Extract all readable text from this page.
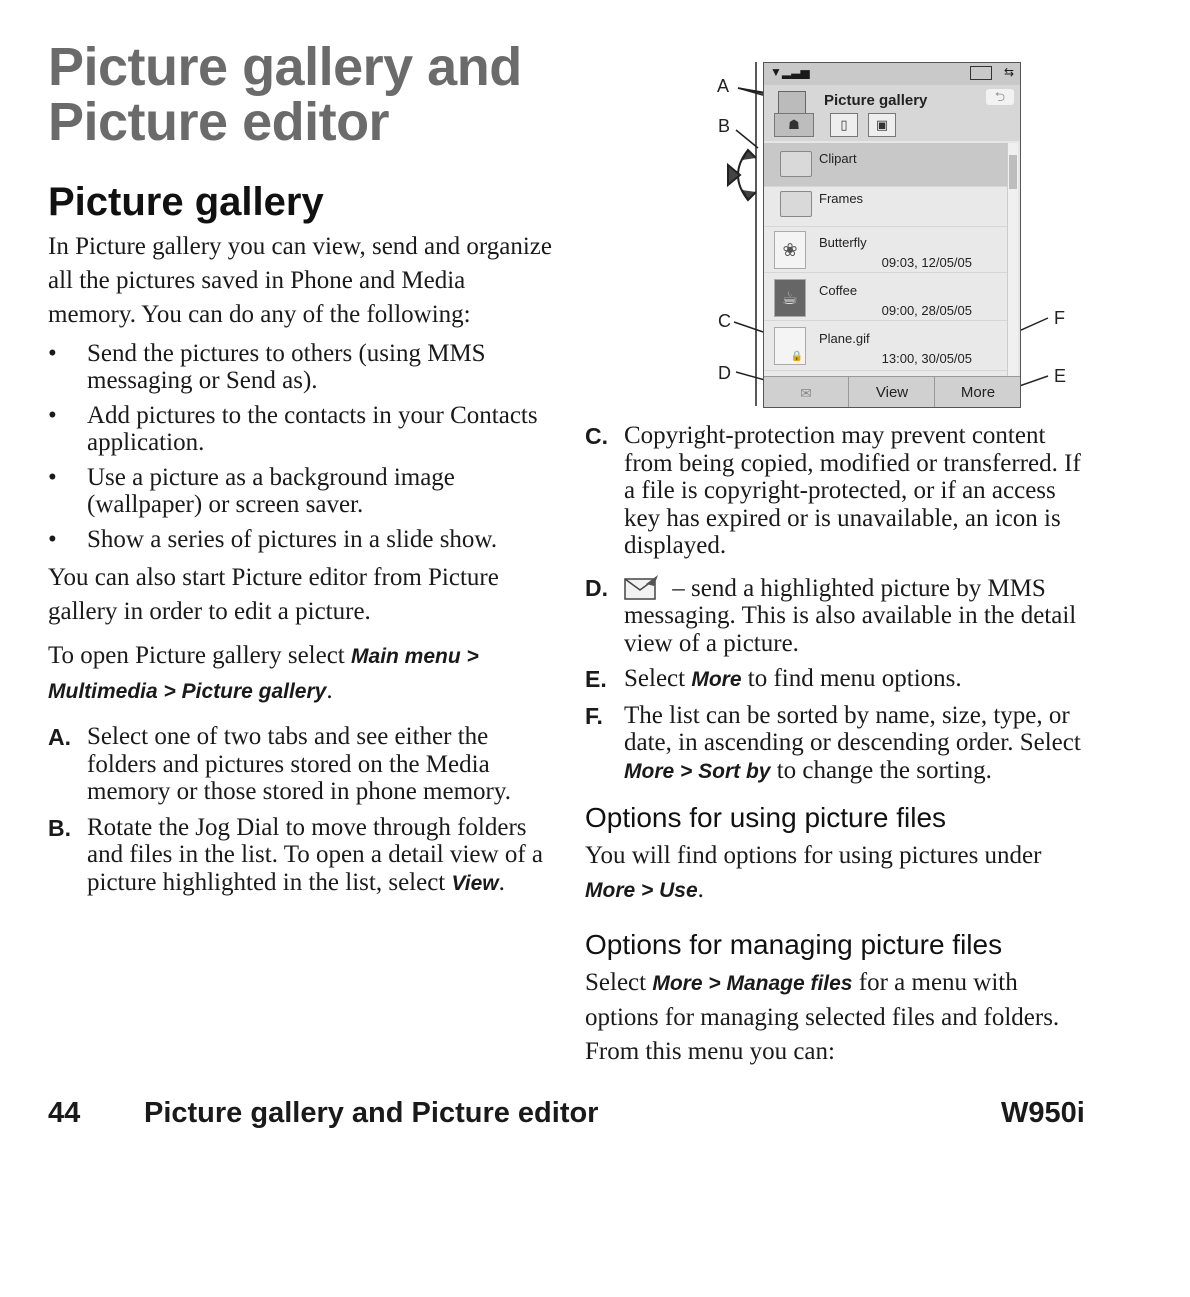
Picture gallery and
Picture editor
Picture gallery

In Picture gallery you can view, send and organize all the pictures saved in Phone and Media memory. You can do any of the following:

• Send the pictures to others (using MMS messaging or Send as).
• Add pictures to the contacts in your Contacts application.
• Use a picture as a background image (wallpaper) or screen saver.
• Show a series of pictures in a slide show.

You can also start Picture editor from Picture gallery in order to edit a picture.

To open Picture gallery select Main menu > Multimedia > Picture gallery.

A. Select one of two tabs and see either the folders and pictures stored on the Media memory or those stored in phone memory.
B. Rotate the Jog Dial to move through folders and files in the list. To open a detail view of a picture highlighted in the list, select View.
A
B
C
D	E
F
▼▂▃▅	⇆
Picture gallery	⮌
☗	▯	▣
Clipart
Frames
❀	Butterfly
09:03, 12/05/05
☕	Coffee
09:00, 28/05/05
🔒
Plane.gif
13:00, 30/05/05
✉	View	More
C. Copyright-protection may prevent content from being copied, modified or transferred. If a file is copyright-protected, or if an access key has expired or is unavailable, an icon is displayed.
D. – send a highlighted picture by MMS messaging. This is also available in the detail view of a picture.
E. Select More to find menu options.
F. The list can be sorted by name, size, type, or date, in ascending or descending order. Select More > Sort by to change the sorting.
Options for using picture files

You will find options for using pictures under More > Use.

Options for managing picture files

Select More > Manage files for a menu with options for managing selected files and folders. From this menu you can:

44 Picture gallery and Picture editor	W950i
